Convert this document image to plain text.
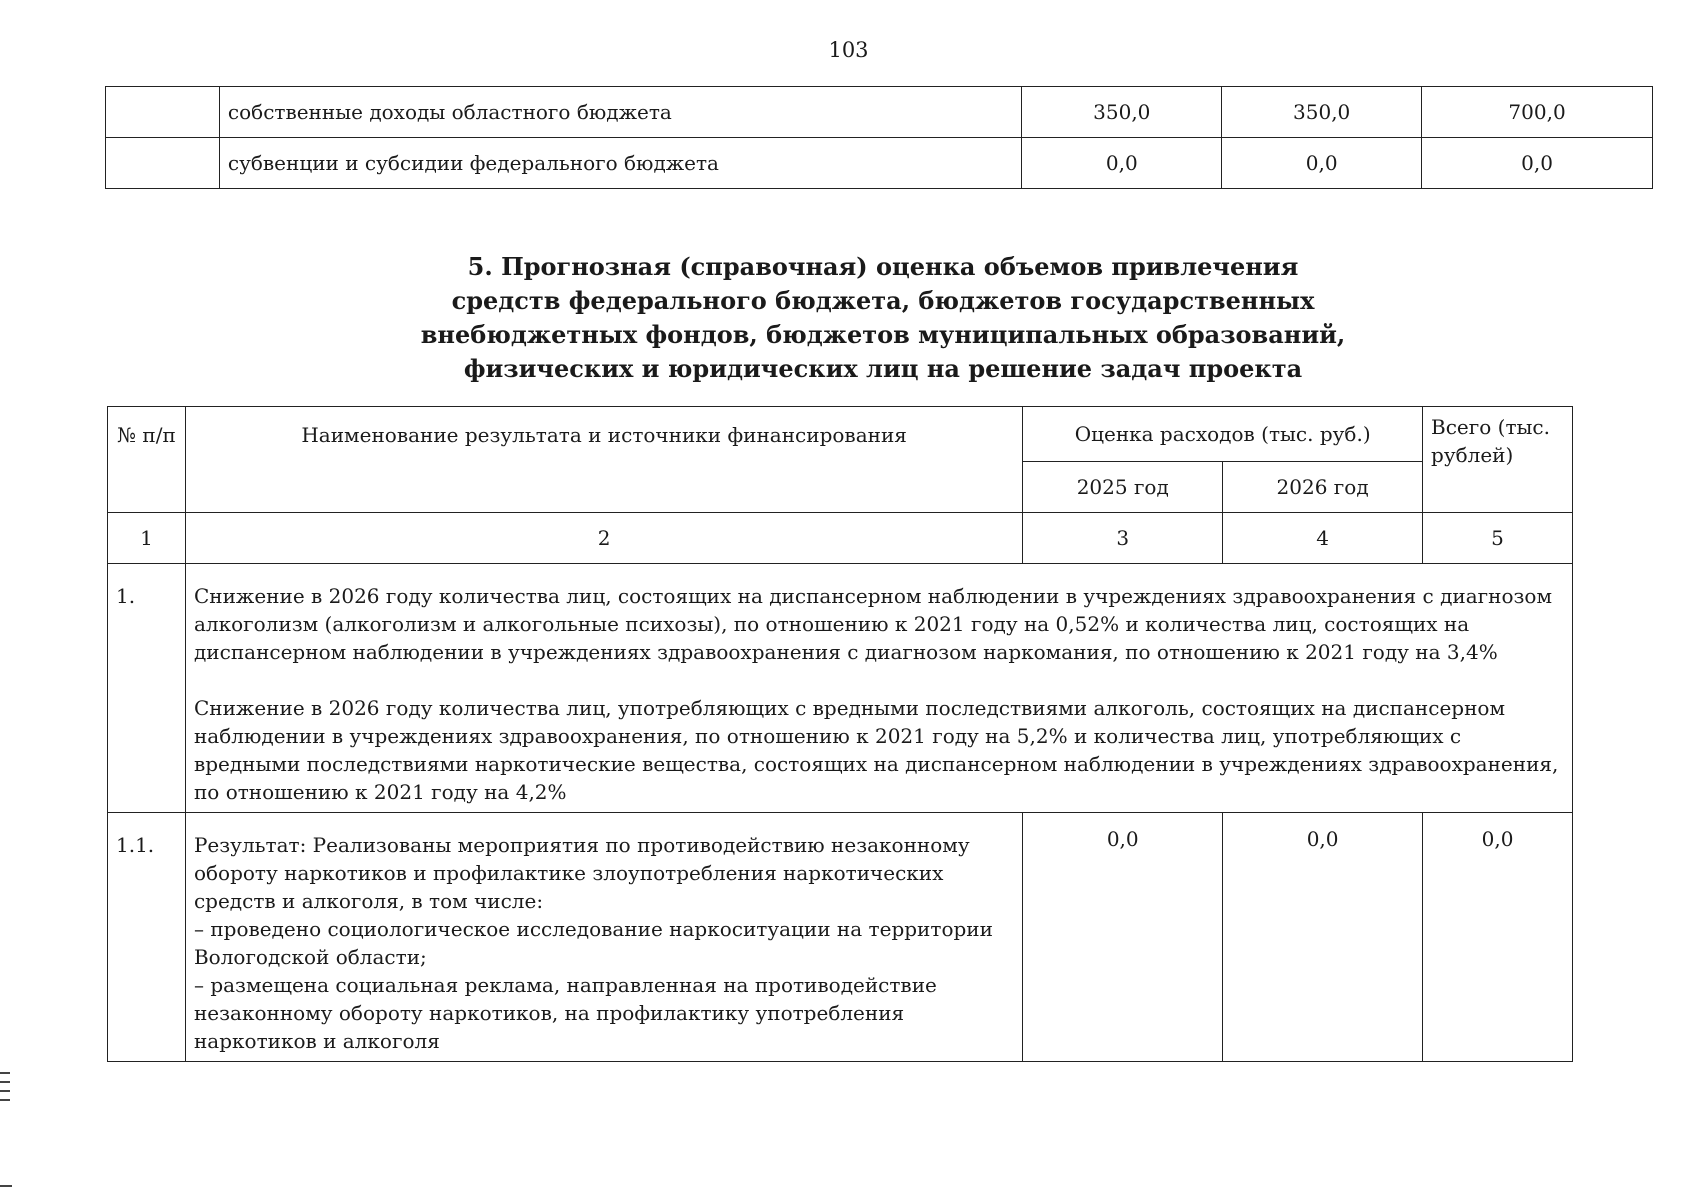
103
	собственные доходы областного бюджета	350,0	350,0	700,0
	субвенции и субсидии федерального бюджета	0,0	0,0	0,0
5. Прогнозная (справочная) оценка объемов привлечения
средств федерального бюджета, бюджетов государственных
внебюджетных фондов, бюджетов муниципальных образований,
физических и юридических лиц на решение задач проекта
№ п/п	Наименование результата и источники финансирования	Оценка расходов (тыс. руб.)		Всего (тыс. рублей)
		2025 год	2026 год	
1	2	3	4	5
1.	Снижение в 2026 году количества лиц, состоящих на диспансерном наблюдении в учреждениях здравоохранения с диагнозом алкоголизм (алкоголизм и алкогольные психозы), по отношению к 2021 году на 0,52% и количества лиц, состоящих на диспансерном наблюдении в учреждениях здравоохранения с диагнозом наркомания, по отношению к 2021 году на 3,4%

Снижение в 2026 году количества лиц, употребляющих с вредными последствиями алкоголь, состоящих на диспансерном наблюдении в учреждениях здравоохранения, по отношению к 2021 году на 5,2% и количества лиц, употребляющих с вредными последствиями наркотические вещества, состоящих на диспансерном наблюдении в учреждениях здравоохранения, по отношению к 2021 году на 4,2%			

1.1.	Результат: Реализованы мероприятия по противодействию незаконному обороту наркотиков и профилактике злоупотребления наркотических средств и алкоголя, в том числе:
– проведено социологическое исследование наркоситуации на территории Вологодской области;
– размещена социальная реклама, направленная на противодействие незаконному обороту наркотиков, на профилактику употребления наркотиков и алкоголя	0,0	0,0	0,0
